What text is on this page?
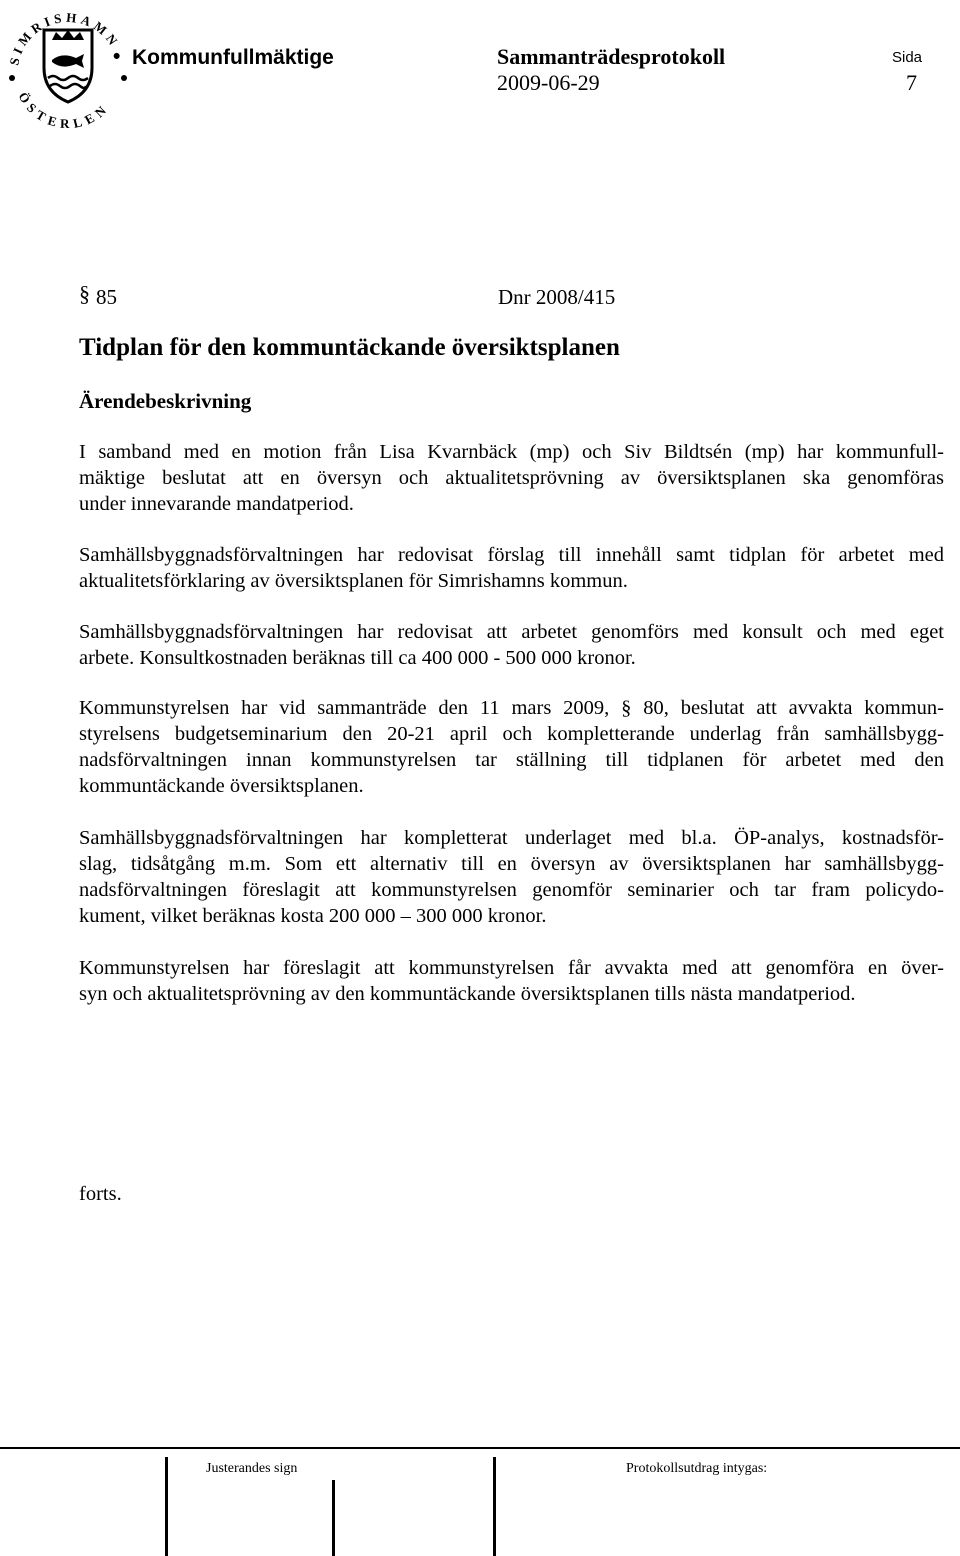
SIMRISHAMN
ÖSTERLEN
• Kommunfullmäktige	Sammanträdesprotokoll	Sida
2009-06-29	7
§ 85	Dnr 2008/415
Tidplan för den kommuntäckande översiktsplanen
Ärendebeskrivning
I samband med en motion från Lisa Kvarnbäck (mp) och Siv Bildtsén (mp) har kommunfull-
mäktige beslutat att en översyn och aktualitetsprövning av översiktsplanen ska genomföras
under innevarande mandatperiod.
Samhällsbyggnadsförvaltningen har redovisat förslag till innehåll samt tidplan för arbetet med
aktualitetsförklaring av översiktsplanen för Simrishamns kommun.
Samhällsbyggnadsförvaltningen har redovisat att arbetet genomförs med konsult och med eget
arbete. Konsultkostnaden beräknas till ca 400 000 - 500 000 kronor.
Kommunstyrelsen har vid sammanträde den 11 mars 2009, § 80, beslutat att avvakta kommun-
styrelsens budgetseminarium den 20-21 april och kompletterande underlag från samhällsbygg-
nadsförvaltningen innan kommunstyrelsen tar ställning till tidplanen för arbetet med den
kommuntäckande översiktsplanen.
Samhällsbyggnadsförvaltningen har kompletterat underlaget med bl.a. ÖP-analys, kostnadsför-
slag, tidsåtgång m.m. Som ett alternativ till en översyn av översiktsplanen har samhällsbygg-
nadsförvaltningen föreslagit att kommunstyrelsen genomför seminarier och tar fram policydo-
kument, vilket beräknas kosta 200 000 – 300 000 kronor.
Kommunstyrelsen har föreslagit att kommunstyrelsen får avvakta med att genomföra en över-
syn och aktualitetsprövning av den kommuntäckande översiktsplanen tills nästa mandatperiod.
forts.
Justerandes sign	Protokollsutdrag intygas:
